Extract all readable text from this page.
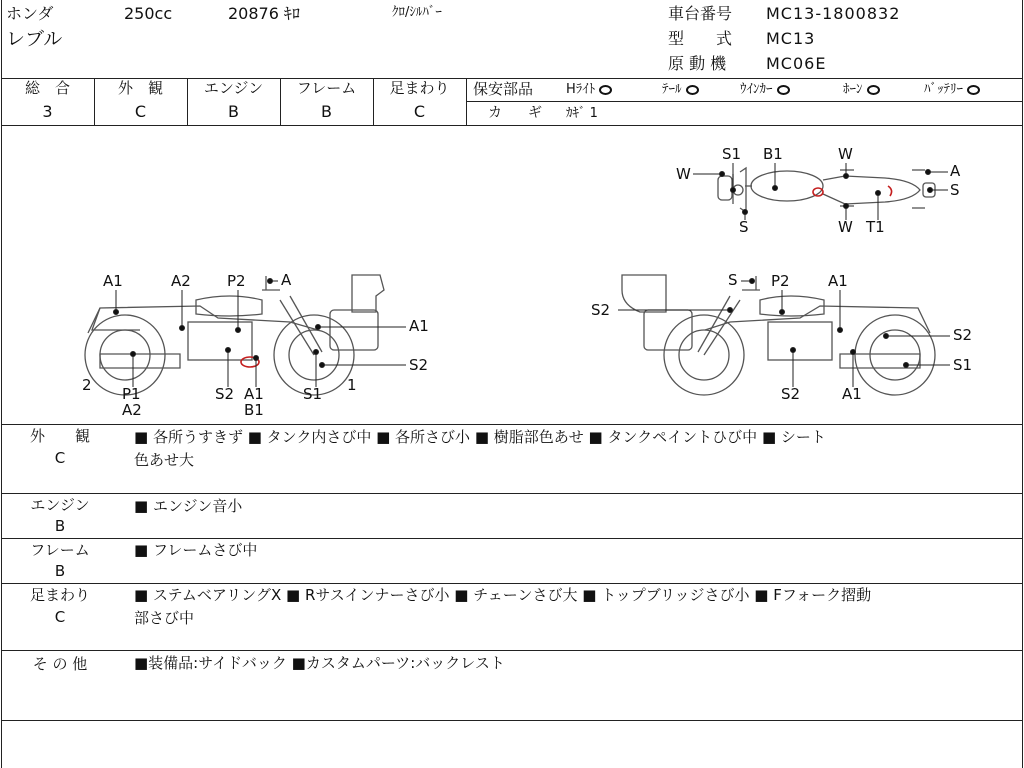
ホンダ
レブル
250cc	20876 ｷﾛ	ｸﾛ/ｼﾙﾊﾞｰ	車台番号 MC13-1800832
型　　式 MC13
原 動 機 MC06E
総　合
3
外　観
C
エンジン
B
フレーム
B
足まわり
C
保安部品	Hﾗｲﾄ	ﾃｰﾙ	ｳｲﾝｶｰ	ﾎｰﾝ	ﾊﾞｯﾃﾘｰ
カ　ギ ｶｷﾞ 1
W
S1 B1	W
A
S
S	W T1
A1	A2 P2 A
A1
S2
2 P1
A2
S2 A1
B1
S1 1
S P2	A1
S2
S2
S1
S2	A1
外　　観
C
■ 各所うすきず ■ タンク内さび中 ■ 各所さび小 ■ 樹脂部色あせ ■ タンクペイントひび中 ■ シート
色あせ大
エンジン
B
■ エンジン音小
フレーム
B
■ フレームさび中
足まわり
C
■ ステムベアリングX ■ Rサスインナーさび小 ■ チェーンさび大 ■ トップブリッジさび小 ■ Fフォーク摺動
部さび中
そ の 他	■装備品:サイドバック ■カスタムパーツ:バックレスト
